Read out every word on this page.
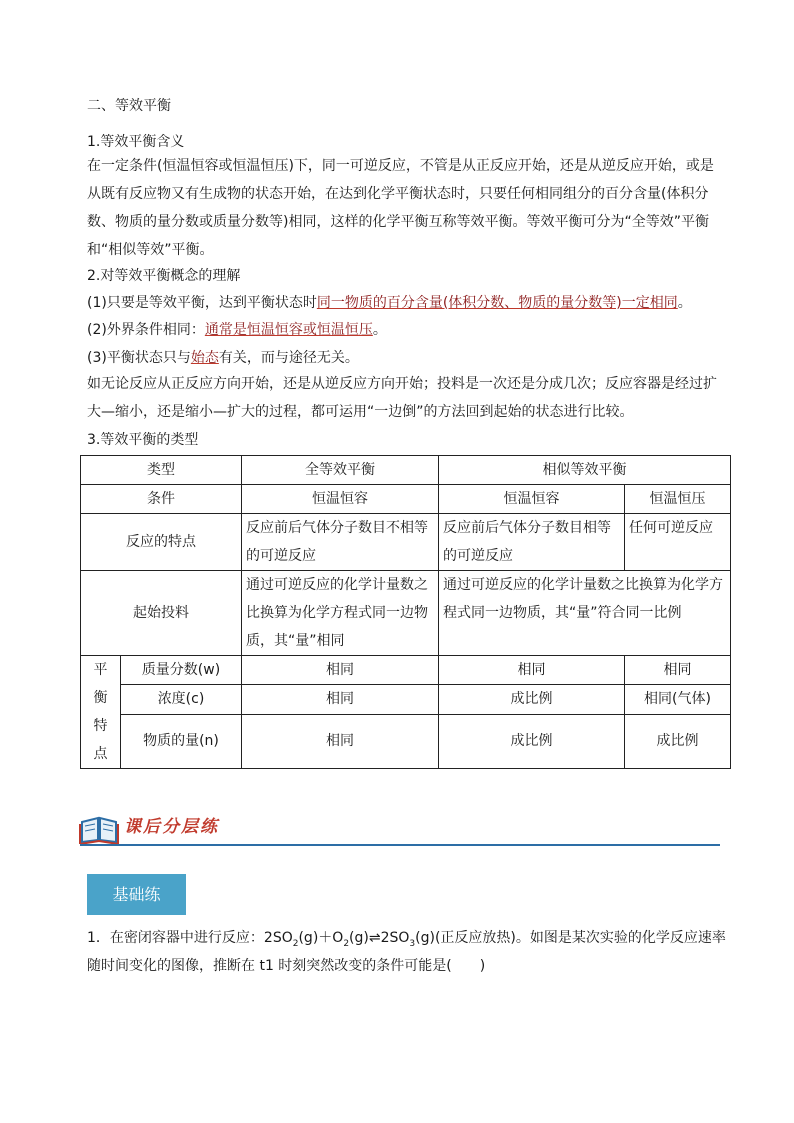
二、等效平衡
1.等效平衡含义
在一定条件(恒温恒容或恒温恒压)下，同一可逆反应，不管是从正反应开始，还是从逆反应开始，或是从既有反应物又有生成物的状态开始，在达到化学平衡状态时，只要任何相同组分的百分含量(体积分数、物质的量分数或质量分数等)相同，这样的化学平衡互称等效平衡。等效平衡可分为“全等效”平衡和“相似等效”平衡。
2.对等效平衡概念的理解
(1)只要是等效平衡，达到平衡状态时同一物质的百分含量(体积分数、物质的量分数等)一定相同。
(2)外界条件相同：通常是恒温恒容或恒温恒压。
(3)平衡状态只与始态有关，而与途径无关。
如无论反应从正反应方向开始，还是从逆反应方向开始；投料是一次还是分成几次；反应容器是经过扩大—缩小，还是缩小—扩大的过程，都可运用“一边倒”的方法回到起始的状态进行比较。
3.等效平衡的类型
类型		全等效平衡	相似等效平衡	
条件		恒温恒容	恒温恒容	恒温恒压
反应的特点		反应前后气体分子数目不相等的可逆反应	反应前后气体分子数目相等的可逆反应	任何可逆反应
起始投料		通过可逆反应的化学计量数之比换算为化学方程式同一边物质，其“量”相同	通过可逆反应的化学计量数之比换算为化学方程式同一边物质，其“量”符合同一比例	
平
衡
特
点	质量分数(w)	相同	相同	相同
	浓度(c)	相同	成比例	相同(气体)
	物质的量(n)	相同	成比例	成比例
课后分层练
基础练
1．在密闭容器中进行反应：$2SO_2(g)+O_2(g)\rightleftharpoons 2SO_3(g)$(正反应放热)。如图是某次实验的化学反应速率
随时间变化的图像，推断在 t1 时刻突然改变的条件可能是(　　)
